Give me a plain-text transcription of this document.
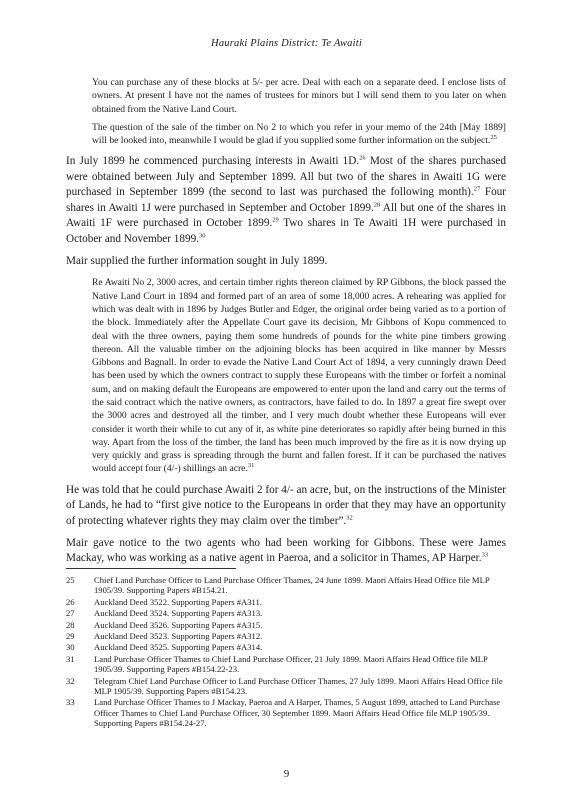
Hauraki Plains District: Te Awaiti

You can purchase any of these blocks at 5/- per acre. Deal with each on a separate deed. I enclose lists of owners. At present I have not the names of trustees for minors but I will send them to you later on when obtained from the Native Land Court.

The question of the sale of the timber on No 2 to which you refer in your memo of the 24th [May 1889] will be looked into, meanwhile I would be glad if you supplied some further information on the subject.$^{25}$

In July 1899 he commenced purchasing interests in Awaiti 1D.$^{26}$ Most of the shares purchased were obtained between July and September 1899. All but two of the shares in Awaiti 1G were purchased in September 1899 (the second to last was purchased the following month).$^{27}$ Four shares in Awaiti 1J were purchased in September and October 1899.28 All but one of the shares in Awaiti 1F were purchased in October 1899.29 Two shares in Te Awaiti 1H were purchased in October and November 1899.30

Mair supplied the further information sought in July 1899.

Re Awaiti No 2, 3000 acres, and certain timber rights thereon claimed by RP Gibbons, the block passed the Native Land Court in 1894 and formed part of an area of some 18,000 acres. A rehearing was applied for which was dealt with in 1896 by Judges Butler and Edger, the original order being varied as to a portion of the block. Immediately after the Appellate Court gave its decision, Mr Gibbons of Kopu commenced to deal with the three owners, paying them some hundreds of pounds for the white pine timbers growing thereon. All the valuable timber on the adjoining blocks has been acquired in like manner by Messrs Gibbons and Bagnall. In order to evade the Native Land Court Act of 1894, a very cunningly drawn Deed has been used by which the owners contract to supply these Europeans with the timber or forfeit a nominal sum, and on making default the Europeans are empowered to enter upon the land and carry out the terms of the said contract which the native owners, as contractors, have failed to do. In 1897 a great fire swept over the 3000 acres and destroyed all the timber, and I very much doubt whether these Europeans will ever consider it worth their while to cut any of it, as white pine deteriorates so rapidly after being burned in this way. Apart from the loss of the timber, the land has been much improved by the fire as it is now drying up very quickly and grass is spreading through the burnt and fallen forest. If it can be purchased the natives would accept four (4/-) shillings an acre.$^{31}$

He was told that he could purchase Awaiti 2 for 4/- an acre, but, on the instructions of the Minister of Lands, he had to “first give notice to the Europeans in order that they may have an opportunity of protecting whatever rights they may claim over the timber”.$^{32}$

Mair gave notice to the two agents who had been working for Gibbons. These were James Mackay, who was working as a native agent in Paeroa, and a solicitor in Thames, AP Harper.$^{33}$

25	Chief Land Purchase Officer to Land Purchase Officer Thames, 24 June 1899. Maori Affairs Head Office file MLP 1905/39. Supporting Papers #B154.21.
26	Auckland Deed 3522. Supporting Papers #A311.
27	Auckland Deed 3524. Supporting Papers #A313.
28	Auckland Deed 3526. Supporting Papers #A315.
29	Auckland Deed 3523. Supporting Papers #A312.
30	Auckland Deed 3525. Supporting Papers #A314.
31	Land Purchase Officer Thames to Chief Land Purchase Officer, 21 July 1899. Maori Affairs Head Office file MLP 1905/39. Supporting Papers #B154.22-23.
32	Telegram Chief Land Purchase Officer to Land Purchase Officer Thames, 27 July 1899. Maori Affairs Head Office file MLP 1905/39. Supporting Papers #B154.23.
33	Land Purchase Officer Thames to J Mackay, Paeroa and A Harper, Thames, 5 August 1899, attached to Land Purchase Officer Thames to Chief Land Purchase Officer, 30 September 1899. Maori Affairs Head Office file MLP 1905/39. Supporting Papers #B154.24-27.
9
